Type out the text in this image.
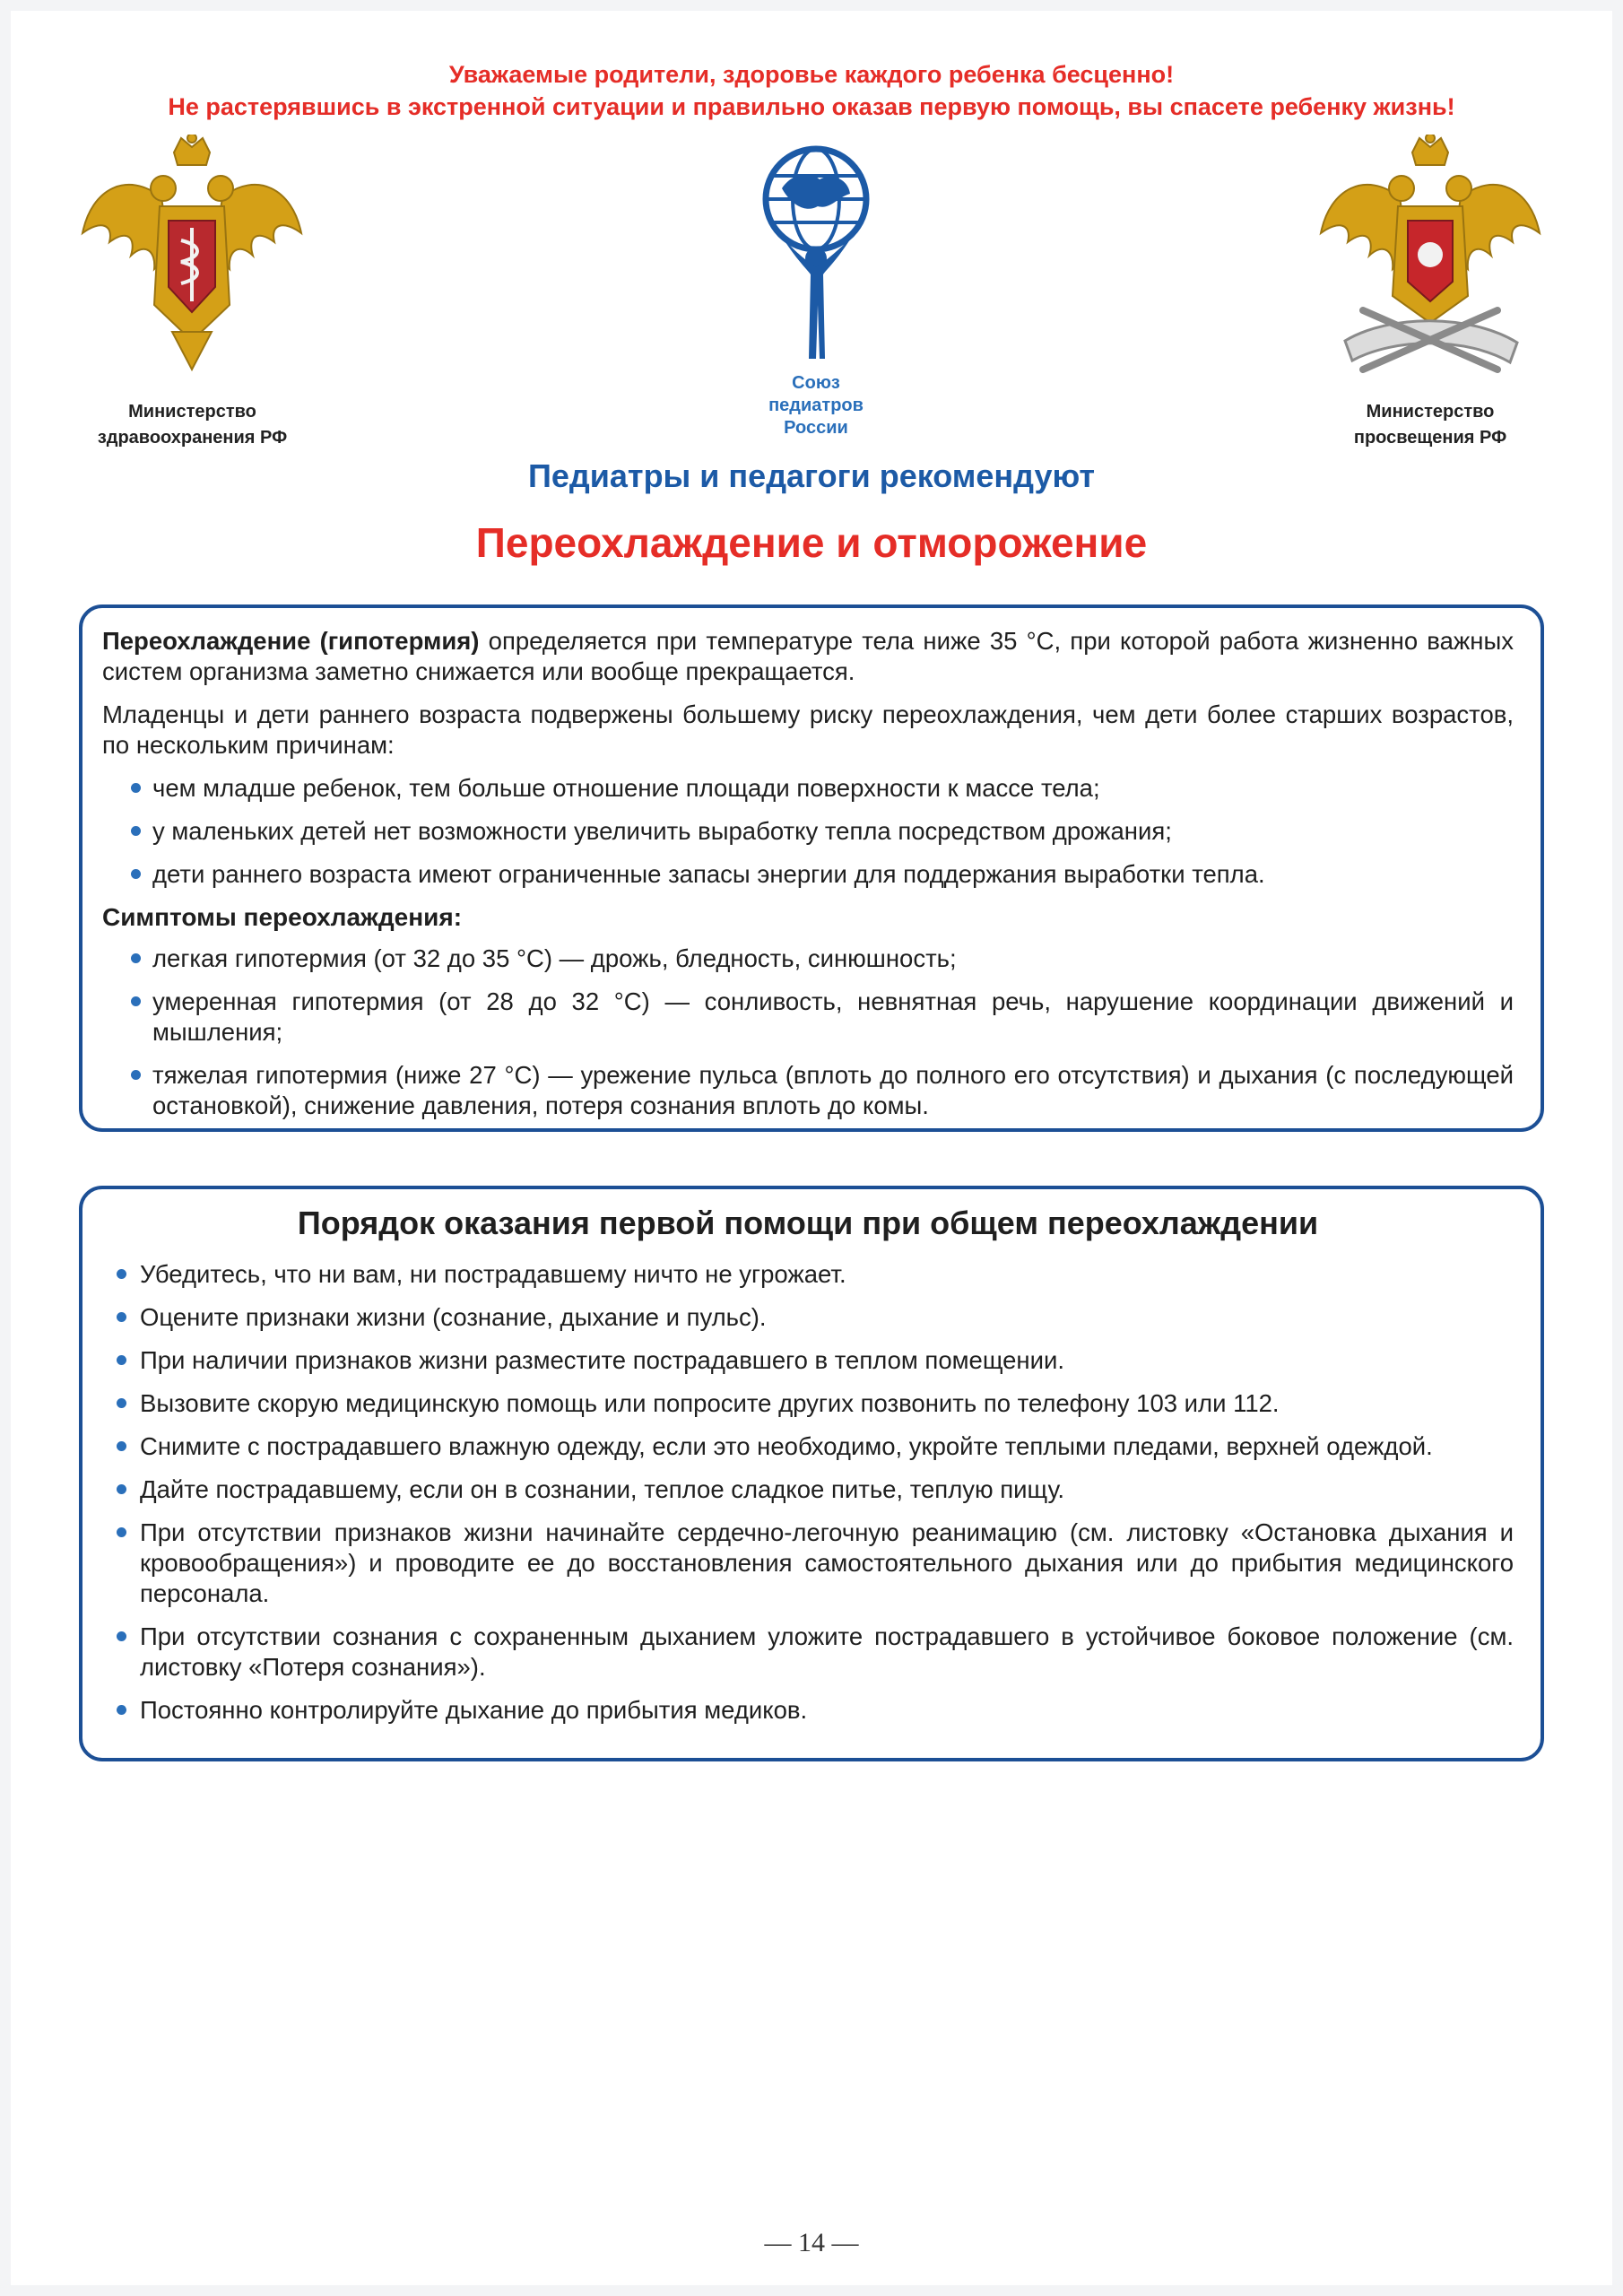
Уважаемые родители, здоровье каждого ребенка бесценно!
Не растерявшись в экстренной ситуации и правильно оказав первую помощь, вы спасете ребенку жизнь!
Министерство
здравоохранения РФ
Союз
педиатров
России
Министерство
просвещения РФ
Педиатры и педагоги рекомендуют
Переохлаждение и отморожение

Переохлаждение (гипотермия) определяется при температуре тела ниже 35 °С, при которой работа жизненно важных систем организма заметно снижается или вообще прекращается.

Младенцы и дети раннего возраста подвержены большему риску переохлаждения, чем дети более старших возрастов, по нескольким причинам:

чем младше ребенок, тем больше отношение площади поверхности к массе тела;
у маленьких детей нет возможности увеличить выработку тепла посредством дрожания;
дети раннего возраста имеют ограниченные запасы энергии для поддержания выработки тепла.
Симптомы переохлаждения:
легкая гипотермия (от 32 до 35 °С) — дрожь, бледность, синюшность;
умеренная гипотермия (от 28 до 32 °С) — сонливость, невнятная речь, нарушение координации движений и мышления;
тяжелая гипотермия (ниже 27 °С) — урежение пульса (вплоть до полного его отсутствия) и дыхания (с последующей остановкой), снижение давления, потеря сознания вплоть до комы.
Порядок оказания первой помощи при общем переохлаждении
Убедитесь, что ни вам, ни пострадавшему ничто не угрожает.
Оцените признаки жизни (сознание, дыхание и пульс).
При наличии признаков жизни разместите пострадавшего в теплом помещении.
Вызовите скорую медицинскую помощь или попросите других позвонить по телефону 103 или 112.
Снимите с пострадавшего влажную одежду, если это необходимо, укройте теплыми пледами, верхней одеждой.
Дайте пострадавшему, если он в сознании, теплое сладкое питье, теплую пищу.
При отсутствии признаков жизни начинайте сердечно-легочную реанимацию (см. листовку «Остановка дыхания и кровообращения») и проводите ее до восстановления самостоятельного дыхания или до прибытия медицинского персонала.
При отсутствии сознания с сохраненным дыханием уложите пострадавшего в устойчивое боковое положение (см. листовку «Потеря сознания»).
Постоянно контролируйте дыхание до прибытия медиков.
— 14 —
